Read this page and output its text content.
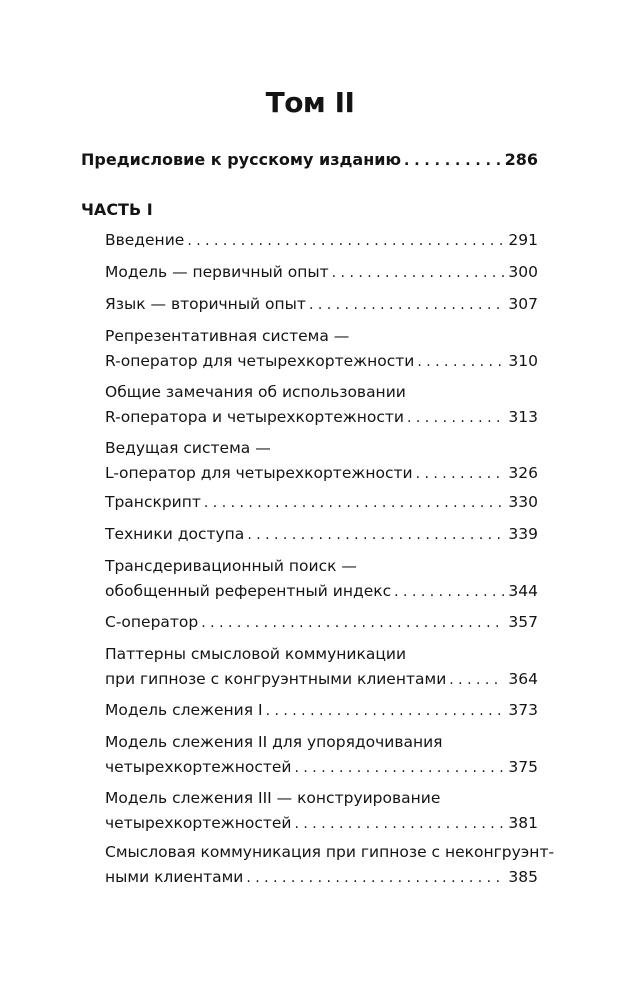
Том II
Предисловие к русскому изданию . . .	286
ЧАСТЬ I
Введение . . .	291
Модель — первичный опыт . . .	300
Язык — вторичный опыт . . .	307
Репрезентативная система —
R-оператор для четырехкортежности . . .	310
Общие замечания об использовании
R-оператора и четырехкортежности . . .	313
Ведущая система —
L-оператор для четырехкортежности . . .	326
Транскрипт . . .	330
Техники доступа . . .	339
Трансдеривационный поиск —
обобщенный референтный индекс . . .	344
С-оператор . . .	357
Паттерны смысловой коммуникации
при гипнозе с конгруэнтными клиентами . . .	364
Модель слежения I . . .	373
Модель слежения II для упорядочивания
четырехкортежностей . . .	375
Модель слежения III — конструирование
четырехкортежностей . . .	381
Смысловая коммуникация при гипнозе с неконгруэнт-
ными клиентами . . .	385
